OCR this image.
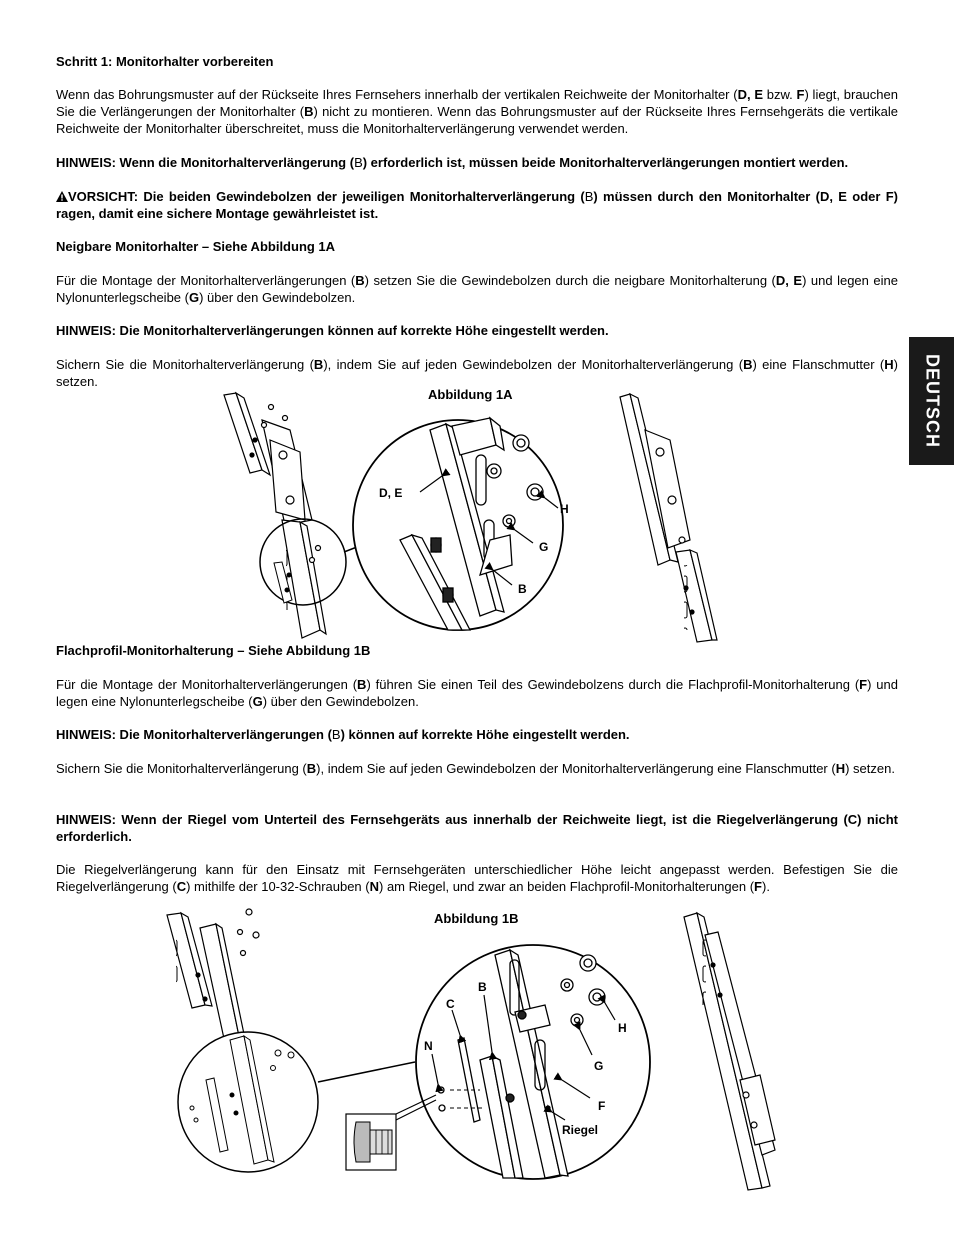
DEUTSCH

Schritt 1: Monitorhalter vorbereiten

Wenn das Bohrungsmuster auf der Rückseite Ihres Fernsehers innerhalb der vertikalen Reichweite der Monitorhalter (D, E bzw. F) liegt, brauchen Sie die Verlängerungen der Monitorhalter (B) nicht zu montieren. Wenn das Bohrungsmuster auf der Rückseite Ihres Fernsehgeräts die vertikale Reichweite der Monitorhalter überschreitet, muss die Monitorhalterverlängerung verwendet werden.

HINWEIS: Wenn die Monitorhalterverlängerung (B) erforderlich ist, müssen beide Monitorhalterverlängerungen montiert werden.

VORSICHT: Die beiden Gewindebolzen der jeweiligen Monitorhalterverlängerung (B) müssen durch den Monitorhalter (D, E oder F) ragen, damit eine sichere Montage gewährleistet ist.

Neigbare Monitorhalter – Siehe Abbildung 1A

Für die Montage der Monitorhalterverlängerungen (B) setzen Sie die Gewindebolzen durch die neigbare Monitorhalterung (D, E) und legen eine Nylonunterlegscheibe (G) über den Gewindebolzen.

HINWEIS: Die Monitorhalterverlängerungen können auf korrekte Höhe eingestellt werden.

Sichern Sie die Monitorhalterverlängerung (B), indem Sie auf jeden Gewindebolzen der Monitorhalterverlängerung (B) eine Flanschmutter (H) setzen.

Abbildung 1A

Flachprofil-Monitorhalterung – Siehe Abbildung 1B

Für die Montage der Monitorhalterverlängerungen (B) führen Sie einen Teil des Gewindebolzens durch die Flachprofil-Monitorhalterung (F) und legen eine Nylonunterlegscheibe (G) über den Gewindebolzen.

HINWEIS: Die Monitorhalterverlängerungen (B) können auf korrekte Höhe eingestellt werden.

Sichern Sie die Monitorhalterverlängerung (B), indem Sie auf jeden Gewindebolzen der Monitorhalterverlängerung eine Flanschmutter (H) setzen.

HINWEIS: Wenn der Riegel vom Unterteil des Fernsehgeräts aus innerhalb der Reichweite liegt, ist die Riegelverlängerung (C) nicht erforderlich.

Die Riegelverlängerung kann für den Einsatz mit Fernsehgeräten unterschiedlicher Höhe leicht angepasst werden. Befestigen Sie die Riegelverlängerung (C) mithilfe der 10-32-Schrauben (N) am Riegel, und zwar an beiden Flachprofil-Monitorhalterungen (F).

Abbildung 1B
D, E
H
G
B
C
B
N
H
G
F
Riegel
